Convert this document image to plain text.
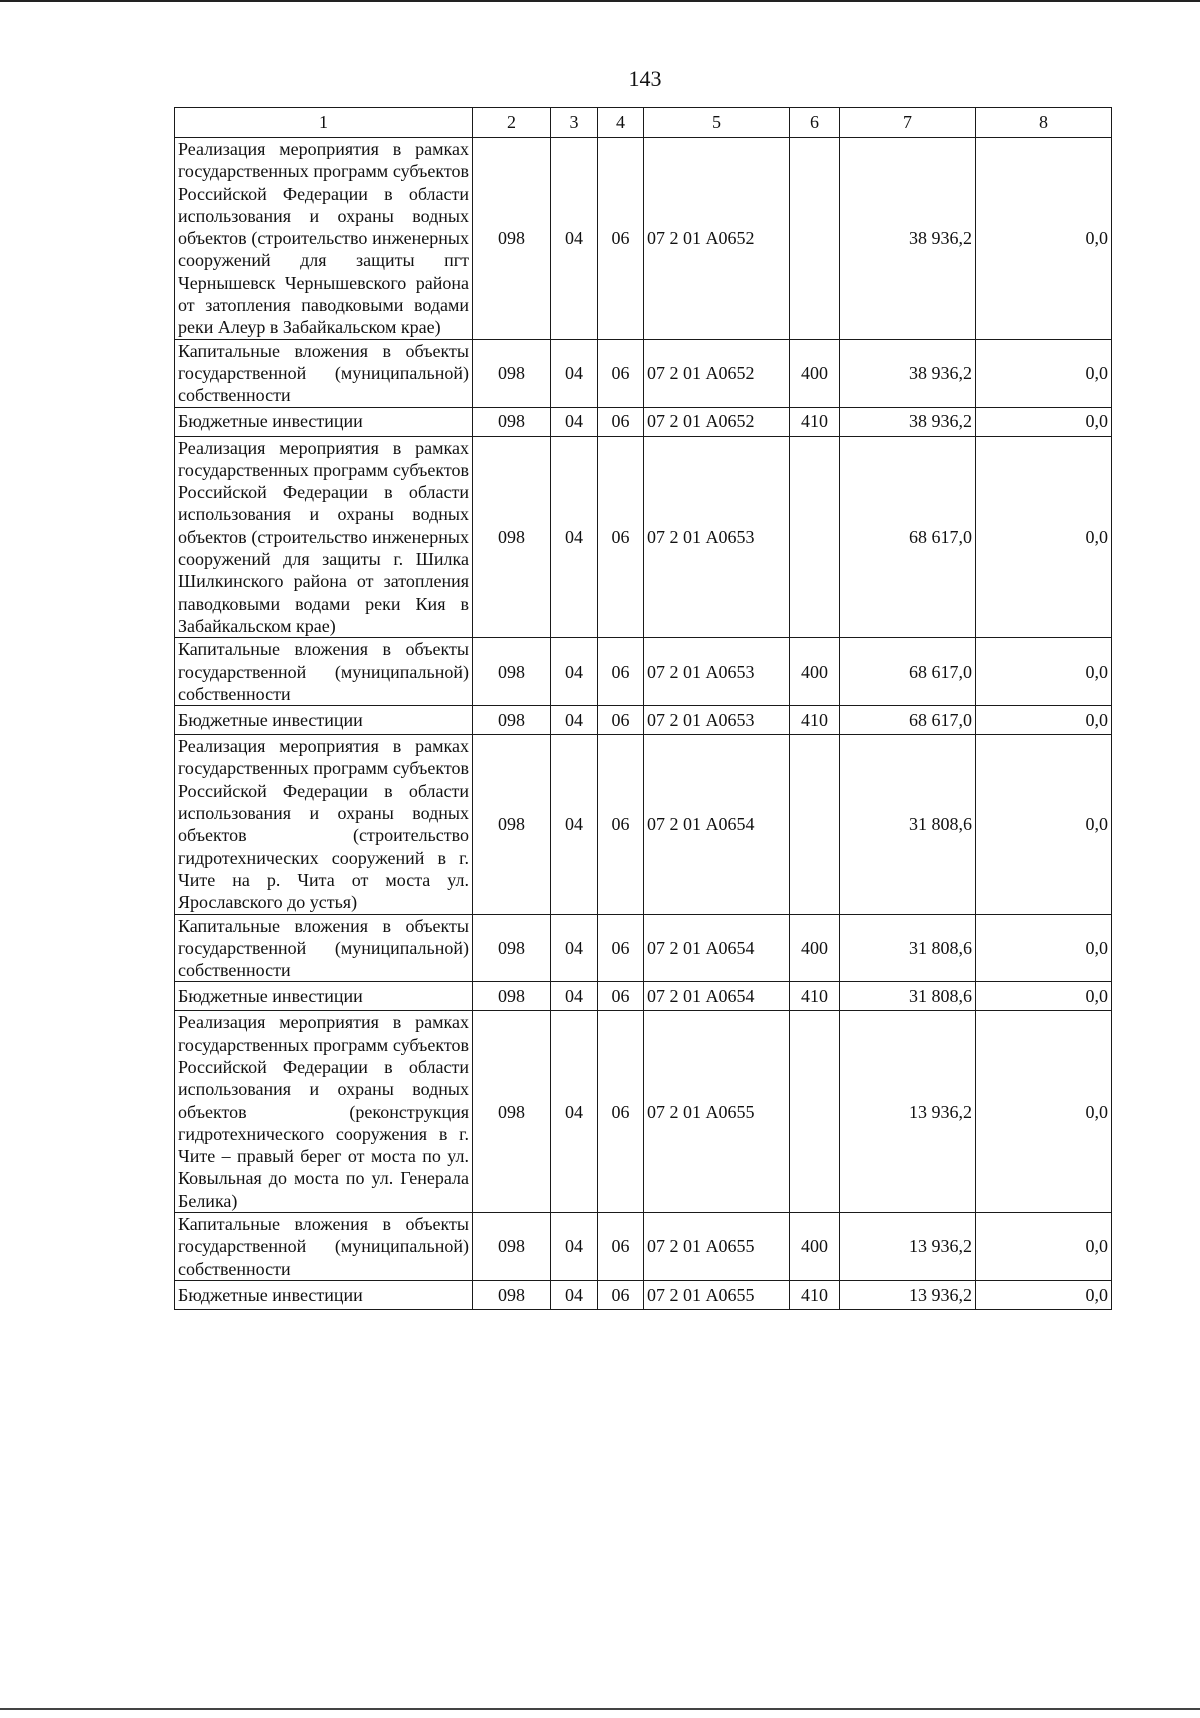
143
1	2	3	4	5	6	7	8
Реализация мероприятия в рамках государственных программ субъектов Российской Федерации в области использования и охраны водных объектов (строительство инженерных сооружений для защиты пгт Чернышевск Чернышевского района от затопления паводковыми водами реки Алеур в Забайкальском крае)	098	04	06	07 2 01 А0652		38 936,2	0,0
Капитальные вложения в объекты государственной (муниципальной) собственности	098	04	06	07 2 01 А0652	400	38 936,2	0,0
Бюджетные инвестиции	098	04	06	07 2 01 А0652	410	38 936,2	0,0
Реализация мероприятия в рамках государственных программ субъектов Российской Федерации в области использования и охраны водных объектов (строительство инженерных сооружений для защиты г. Шилка Шилкинского района от затопления паводковыми водами реки Кия в Забайкальском крае)	098	04	06	07 2 01 А0653		68 617,0	0,0
Капитальные вложения в объекты государственной (муниципальной) собственности	098	04	06	07 2 01 А0653	400	68 617,0	0,0
Бюджетные инвестиции	098	04	06	07 2 01 А0653	410	68 617,0	0,0
Реализация мероприятия в рамках государственных программ субъектов Российской Федерации в области использования и охраны водных объектов (строительство гидротехнических сооружений в г. Чите на р. Чита от моста ул. Ярославского до устья)	098	04	06	07 2 01 А0654		31 808,6	0,0
Капитальные вложения в объекты государственной (муниципальной) собственности	098	04	06	07 2 01 А0654	400	31 808,6	0,0
Бюджетные инвестиции	098	04	06	07 2 01 А0654	410	31 808,6	0,0
Реализация мероприятия в рамках государственных программ субъектов Российской Федерации в области использования и охраны водных объектов (реконструкция гидротехнического сооружения в г. Чите – правый берег от моста по ул. Ковыльная до моста по ул. Генерала Белика)	098	04	06	07 2 01 А0655		13 936,2	0,0
Капитальные вложения в объекты государственной (муниципальной) собственности	098	04	06	07 2 01 А0655	400	13 936,2	0,0
Бюджетные инвестиции	098	04	06	07 2 01 А0655	410	13 936,2	0,0
